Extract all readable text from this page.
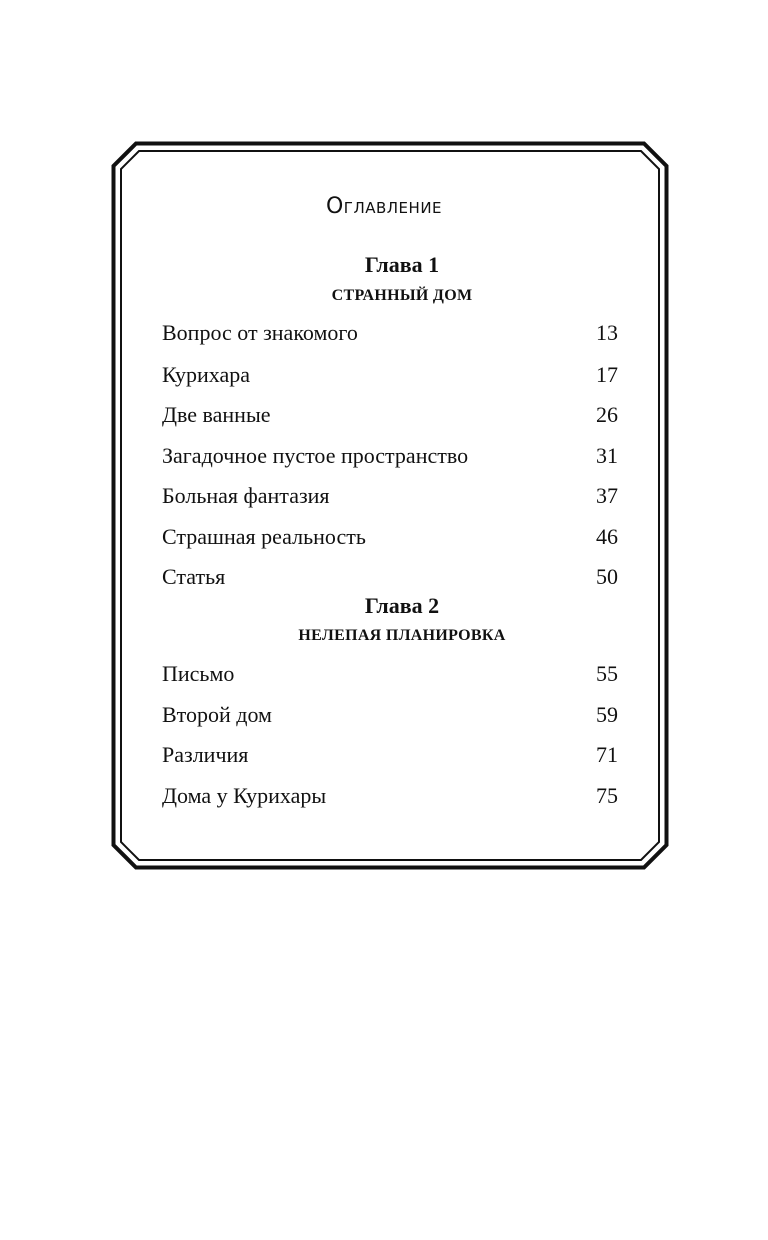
Оглавление
Глава 1
СТРАННЫЙ ДОМ
Вопрос от знакомого	13
Курихара	17
Две ванные	26
Загадочное пустое пространство	31
Больная фантазия	37
Страшная реальность	46
Статья	50
Глава 2
НЕЛЕПАЯ ПЛАНИРОВКА
Письмо	55
Второй дом	59
Различия	71
Дома у Курихары	75
